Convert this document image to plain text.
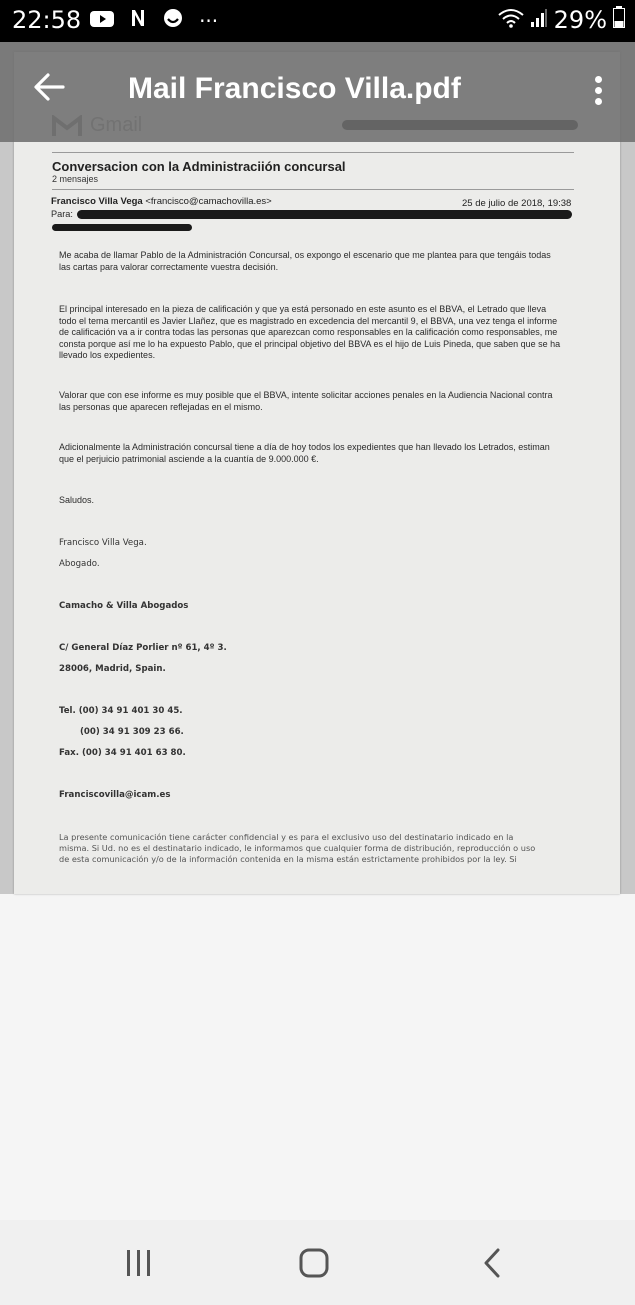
22:58	···	29%
Conversacion con la Administraciión concursal
2 mensajes
Francisco Villa Vega <francisco@camachovilla.es>	25 de julio de 2018, 19:38
Para:
Me acaba de llamar Pablo de la Administración Concursal, os expongo el escenario que me plantea para que tengáis todas las cartas para valorar correctamente vuestra decisión.
El principal interesado en la pieza de calificación y que ya está personado en este asunto es el BBVA, el Letrado que lleva todo el tema mercantil es Javier Llañez, que es magistrado en excedencia del mercantil 9, el BBVA, una vez tenga el informe de calificación va a ir contra todas las personas que aparezcan como responsables en la calificación como responsables, me consta porque así me lo ha expuesto Pablo, que el principal objetivo del BBVA es el hijo de Luis Pineda, que saben que se ha llevado los expedientes.
Valorar que con ese informe es muy posible que el BBVA, intente solicitar acciones penales en la Audiencia Nacional contra las personas que aparecen reflejadas en el mismo.
Adicionalmente la Administración concursal tiene a día de hoy todos los expedientes que han llevado los Letrados, estiman que el perjuicio patrimonial asciende a la cuantía de 9.000.000 €.
Saludos.
Francisco Villa Vega.
Abogado.
Camacho & Villa Abogados
C/ General Díaz Porlier nº 61, 4º 3.
28006, Madrid, Spain.
Tel. (00) 34 91 401 30 45.
(00) 34 91 309 23 66.
Fax. (00) 34 91 401 63 80.
Franciscovilla@icam.es
La presente comunicación tiene carácter confidencial y es para el exclusivo uso del destinatario indicado en la
misma. Si Ud. no es el destinatario indicado, le informamos que cualquier forma de distribución, reproducción o uso
de esta comunicación y/o de la información contenida en la misma están estrictamente prohibidos por la ley. Si
Mail Francisco Villa.pdf
